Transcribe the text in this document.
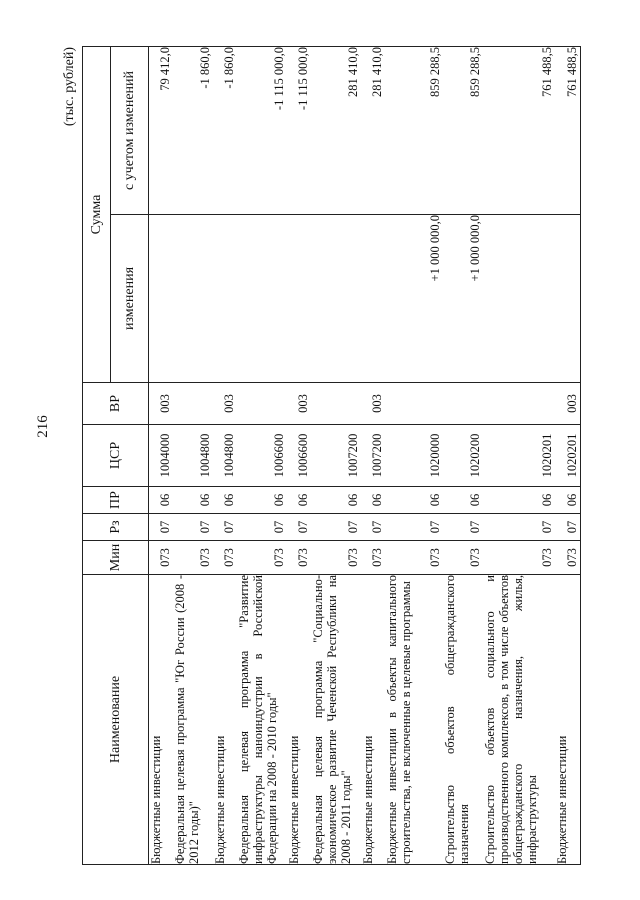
216
(тыс. рублей)
Наименование	Мин	Рз	ПР	ЦСР	ВР	Сумма	
						изменения	с учетом изменений
Бюджетные инвестиции	073	07	06	1004000	003		79 412,0
Федеральная целевая программа "Юг России (2008 - 2012 годы)"	073	07	06	1004800			-1 860,0
Бюджетные инвестиции	073	07	06	1004800	003		-1 860,0
Федеральная целевая программа "Развитие инфраструктуры наноиндустрии в Российской Федерации на 2008 - 2010 годы"	073	07	06	1006600			-1 115 000,0
Бюджетные инвестиции	073	07	06	1006600	003		-1 115 000,0
Федеральная целевая программа "Социально-экономическое развитие Чеченской Республики на 2008 - 2011 годы"	073	07	06	1007200			281 410,0
Бюджетные инвестиции	073	07	06	1007200	003		281 410,0
Бюджетные инвестиции в объекты капитального строительства, не включенные в целевые программы	073	07	06	1020000		+1 000 000,0	859 288,5
Строительство объектов общегражданского назначения	073	07	06	1020200		+1 000 000,0	859 288,5
Строительство объектов социального и производственного комплексов, в том числе объектов общегражданского назначения, жилья, инфраструктуры	073	07	06	1020201			761 488,5
Бюджетные инвестиции	073	07	06	1020201	003		761 488,5
